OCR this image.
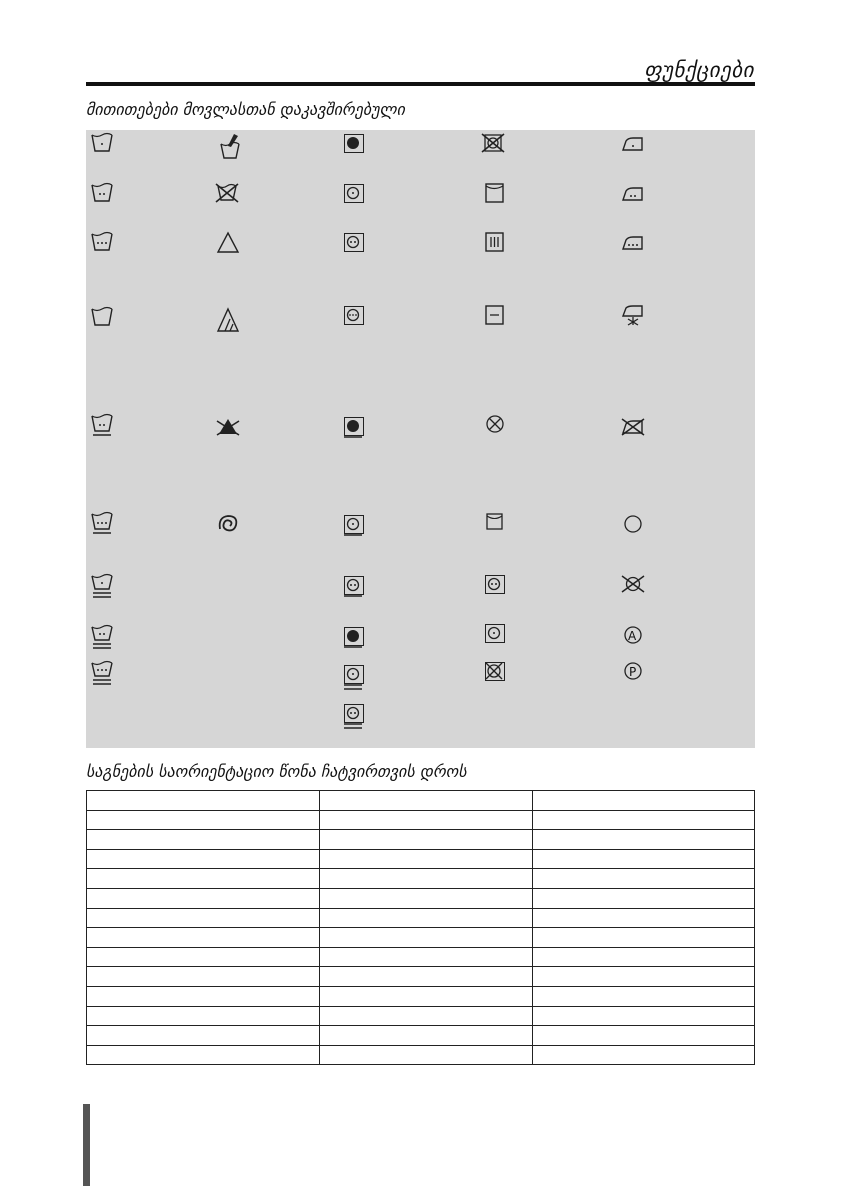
ფუნქციები
მითითებები მოვლასთან დაკავშირებული
A
P
საგნების საორიენტაციო წონა ჩატვირთვის დროს
